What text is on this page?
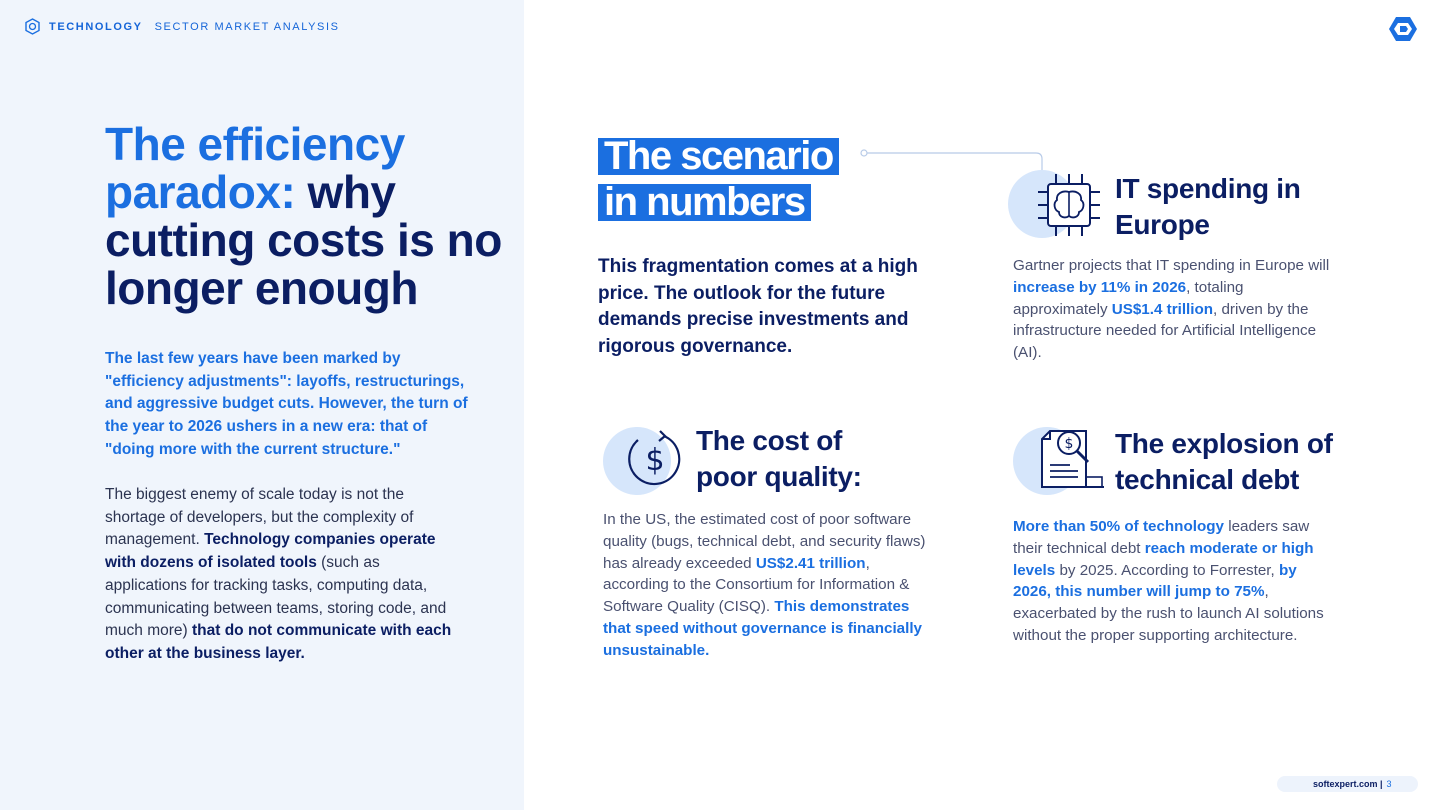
TECHNOLOGY SECTOR MARKET ANALYSIS
The efficiency paradox: why cutting costs is no longer enough

The last few years have been marked by "efficiency adjustments": layoffs, restructurings, and aggressive budget cuts. However, the turn of the year to 2026 ushers in a new era: that of "doing more with the current structure."

The biggest enemy of scale today is not the shortage of developers, but the complexity of management. Technology companies operate with dozens of isolated tools (such as applications for tracking tasks, computing data, communicating between teams, storing code, and much more) that do not communicate with each other at the business layer.

The scenario
in numbers

This fragmentation comes at a high price. The outlook for the future demands precise investments and rigorous governance.

IT spending in Europe

Gartner projects that IT spending in Europe will increase by 11% in 2026, totaling approximately US$1.4 trillion, driven by the infrastructure needed for Artificial Intelligence (AI).

$
The cost of poor quality:

In the US, the estimated cost of poor software quality (bugs, technical debt, and security flaws) has already exceeded US$2.41 trillion, according to the Consortium for Information & Software Quality (CISQ). This demonstrates that speed without governance is financially unsustainable.

$ The explosion of technical debt

More than 50% of technology leaders saw their technical debt reach moderate or high levels by 2025. According to Forrester, by 2026, this number will jump to 75%, exacerbated by the rush to launch AI solutions without the proper supporting architecture.

softexpert.com | 3
